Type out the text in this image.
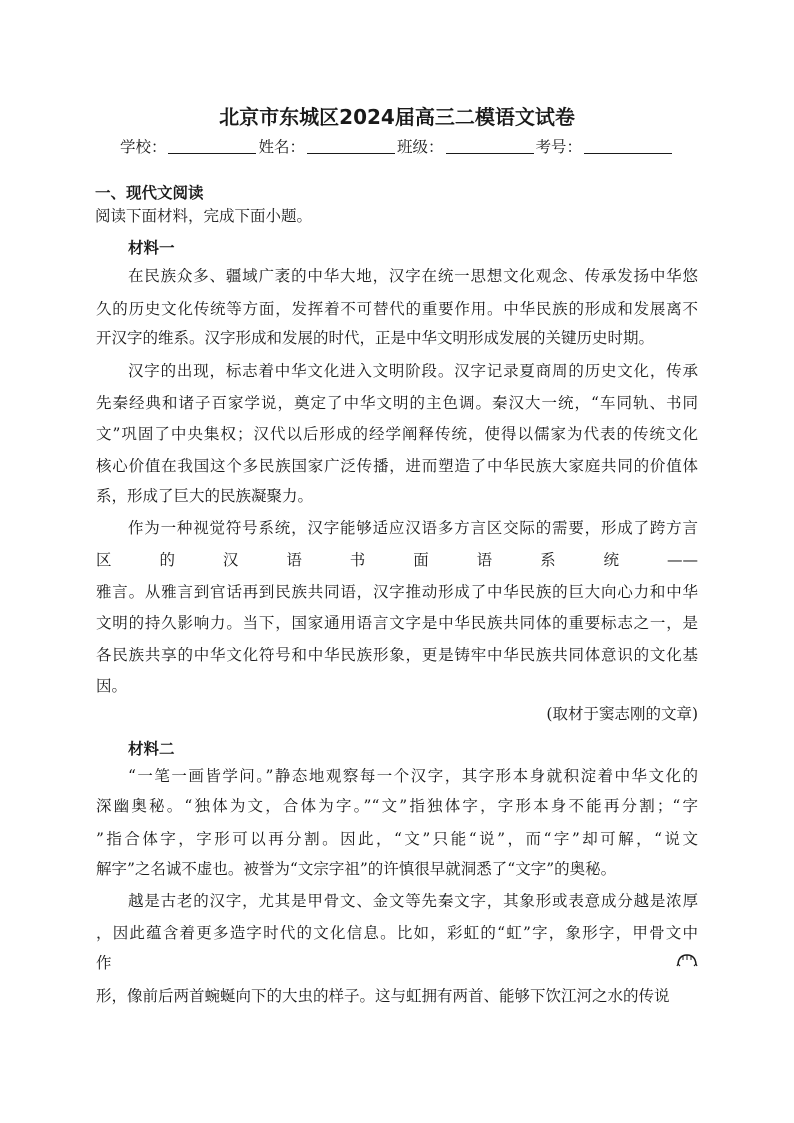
北京市东城区2024届高三二模语文试卷
学校：	姓名：	班级：	考号：
一、现代文阅读
阅读下面材料，完成下面小题。
材料一
在民族众多、疆域广袤的中华大地，汉字在统一思想文化观念、传承发扬中华悠
久的历史文化传统等方面，发挥着不可替代的重要作用。中华民族的形成和发展离不
开汉字的维系。汉字形成和发展的时代，正是中华文明形成发展的关键历史时期。
汉字的出现，标志着中华文化进入文明阶段。汉字记录夏商周的历史文化，传承
先秦经典和诸子百家学说，奠定了中华文明的主色调。秦汉大一统，“车同轨、书同
文”巩固了中央集权；汉代以后形成的经学阐释传统，使得以儒家为代表的传统文化
核心价值在我国这个多民族国家广泛传播，进而塑造了中华民族大家庭共同的价值体
系，形成了巨大的民族凝聚力。
作为一种视觉符号系统，汉字能够适应汉语多方言区交际的需要，形成了跨方言
区 的 汉 语 书 面 语 系 统 ——
雅言。从雅言到官话再到民族共同语，汉字推动形成了中华民族的巨大向心力和中华
文明的持久影响力。当下，国家通用语言文字是中华民族共同体的重要标志之一，是
各民族共享的中华文化符号和中华民族形象，更是铸牢中华民族共同体意识的文化基
因。
(取材于窦志刚的文章)
材料二
“一笔一画皆学问。”静态地观察每一个汉字，其字形本身就积淀着中华文化的
深幽奥秘。“独体为文，合体为字。”“文”指独体字，字形本身不能再分割；“字
”指合体字，字形可以再分割。因此，“文”只能“说”，而“字”却可解，“说文
解字”之名诚不虚也。被誉为“文宗字祖”的许慎很早就洞悉了“文字”的奥秘。
越是古老的汉字，尤其是甲骨文、金文等先秦文字，其象形或表意成分越是浓厚
，因此蕴含着更多造字时代的文化信息。比如，彩虹的“虹”字，象形字，甲骨文中
作
形，像前后两首蜿蜒向下的大虫的样子。这与虹拥有两首、能够下饮江河之水的传说
